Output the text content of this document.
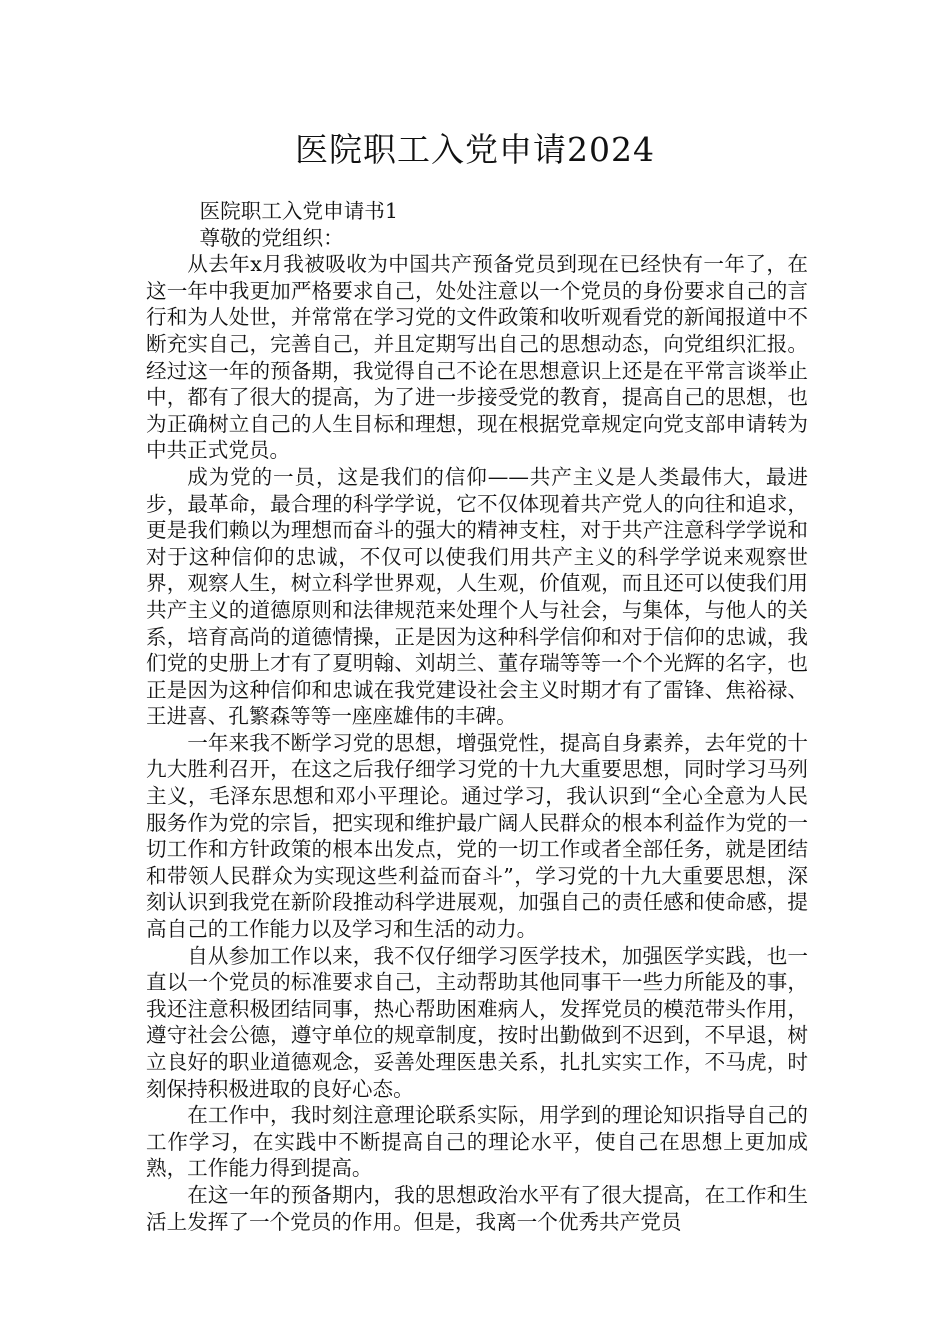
医院职工入党申请2024

医院职工入党申请书1

尊敬的党组织：

从去年x月我被吸收为中国共产预备党员到现在已经快有一年了，在这一年中我更加严格要求自己，处处注意以一个党员的身份要求自己的言行和为人处世，并常常在学习党的文件政策和收听观看党的新闻报道中不断充实自己，完善自己，并且定期写出自己的思想动态，向党组织汇报。经过这一年的预备期，我觉得自己不论在思想意识上还是在平常言谈举止中，都有了很大的提高，为了进一步接受党的教育，提高自己的思想，也为正确树立自己的人生目标和理想，现在根据党章规定向党支部申请转为中共正式党员。

成为党的一员，这是我们的信仰——共产主义是人类最伟大，最进步，最革命，最合理的科学学说，它不仅体现着共产党人的向往和追求，更是我们赖以为理想而奋斗的强大的精神支柱，对于共产注意科学学说和对于这种信仰的忠诚，不仅可以使我们用共产主义的科学学说来观察世界，观察人生，树立科学世界观，人生观，价值观，而且还可以使我们用共产主义的道德原则和法律规范来处理个人与社会，与集体，与他人的关系，培育高尚的道德情操，正是因为这种科学信仰和对于信仰的忠诚，我们党的史册上才有了夏明翰、刘胡兰、董存瑞等等一个个光辉的名字，也正是因为这种信仰和忠诚在我党建设社会主义时期才有了雷锋、焦裕禄、王进喜、孔繁森等等一座座雄伟的丰碑。

一年来我不断学习党的思想，增强党性，提高自身素养，去年党的十九大胜利召开，在这之后我仔细学习党的十九大重要思想，同时学习马列主义，毛泽东思想和邓小平理论。通过学习，我认识到“全心全意为人民服务作为党的宗旨，把实现和维护最广阔人民群众的根本利益作为党的一切工作和方针政策的根本出发点，党的一切工作或者全部任务，就是团结和带领人民群众为实现这些利益而奋斗”，学习党的十九大重要思想，深刻认识到我党在新阶段推动科学进展观，加强自己的责任感和使命感，提高自己的工作能力以及学习和生活的动力。

自从参加工作以来，我不仅仔细学习医学技术，加强医学实践，也一直以一个党员的标准要求自己，主动帮助其他同事干一些力所能及的事，我还注意积极团结同事，热心帮助困难病人，发挥党员的模范带头作用，遵守社会公德，遵守单位的规章制度，按时出勤做到不迟到，不早退，树立良好的职业道德观念，妥善处理医患关系，扎扎实实工作，不马虎，时刻保持积极进取的良好心态。

在工作中，我时刻注意理论联系实际，用学到的理论知识指导自己的工作学习，在实践中不断提高自己的理论水平，使自己在思想上更加成熟，工作能力得到提高。

在这一年的预备期内，我的思想政治水平有了很大提高，在工作和生活上发挥了一个党员的作用。但是，我离一个优秀共产党员
